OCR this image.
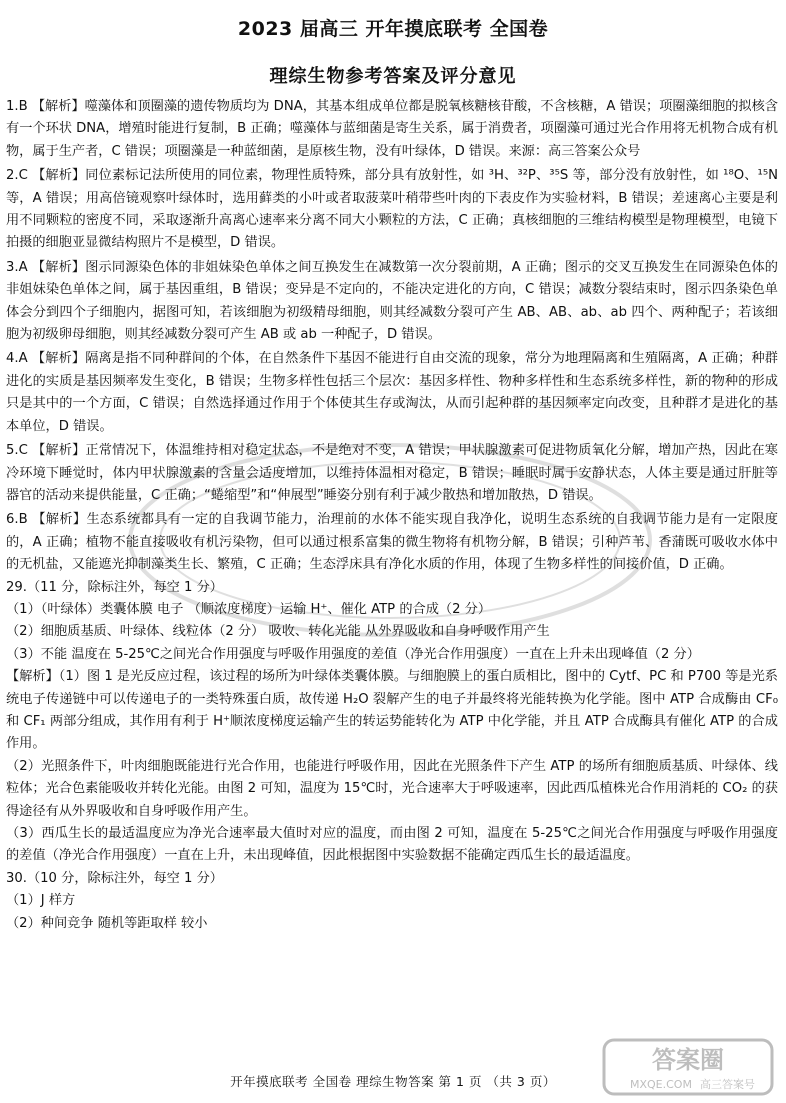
2023 届高三 开年摸底联考 全国卷
理综生物参考答案及评分意见

1.B 【解析】噬藻体和顶圈藻的遗传物质均为 DNA，其基本组成单位都是脱氧核糖核苷酸，不含核糖，A 错误；项圈藻细胞的拟核含有一个环状 DNA，增殖时能进行复制，B 正确；噬藻体与蓝细菌是寄生关系，属于消费者，项圈藻可通过光合作用将无机物合成有机物，属于生产者，C 错误；项圈藻是一种蓝细菌，是原核生物，没有叶绿体，D 错误。来源：高三答案公众号

2.C 【解析】同位素标记法所使用的同位素，物理性质特殊，部分具有放射性，如 ³H、³²P、³⁵S 等，部分没有放射性，如 ¹⁸O、¹⁵N 等，A 错误；用高倍镜观察叶绿体时，选用藓类的小叶或者取菠菜叶稍带些叶肉的下表皮作为实验材料，B 错误；差速离心主要是利用不同颗粒的密度不同，采取逐渐升高离心速率来分离不同大小颗粒的方法，C 正确；真核细胞的三维结构模型是物理模型，电镜下拍摄的细胞亚显微结构照片不是模型，D 错误。

3.A 【解析】图示同源染色体的非姐妹染色单体之间互换发生在减数第一次分裂前期，A 正确；图示的交叉互换发生在同源染色体的非姐妹染色单体之间，属于基因重组，B 错误；变异是不定向的，不能决定进化的方向，C 错误；减数分裂结束时，图示四条染色单体会分到四个子细胞内，据图可知，若该细胞为初级精母细胞，则其经减数分裂可产生 AB、AB、ab、ab 四个、两种配子；若该细胞为初级卵母细胞，则其经减数分裂可产生 AB 或 ab 一种配子，D 错误。

4.A 【解析】隔离是指不同种群间的个体，在自然条件下基因不能进行自由交流的现象，常分为地理隔离和生殖隔离，A 正确；种群进化的实质是基因频率发生变化，B 错误；生物多样性包括三个层次：基因多样性、物种多样性和生态系统多样性，新的物种的形成只是其中的一个方面，C 错误；自然选择通过作用于个体使其生存或淘汰，从而引起种群的基因频率定向改变，且种群才是进化的基本单位，D 错误。

5.C 【解析】正常情况下，体温维持相对稳定状态，不是绝对不变，A 错误；甲状腺激素可促进物质氧化分解，增加产热，因此在寒冷环境下睡觉时，体内甲状腺激素的含量会适度增加，以维持体温相对稳定，B 错误；睡眠时属于安静状态，人体主要是通过肝脏等器官的活动来提供能量，C 正确；“蜷缩型”和“伸展型”睡姿分别有利于减少散热和增加散热，D 错误。

6.B 【解析】生态系统都具有一定的自我调节能力，治理前的水体不能实现自我净化，说明生态系统的自我调节能力是有一定限度的，A 正确；植物不能直接吸收有机污染物，但可以通过根系富集的微生物将有机物分解，B 错误；引种芦苇、香蒲既可吸收水体中的无机盐，又能遮光抑制藻类生长、繁殖，C 正确；生态浮床具有净化水质的作用，体现了生物多样性的间接价值，D 正确。

29.（11 分，除标注外，每空 1 分）

（1）（叶绿体）类囊体膜 电子 （顺浓度梯度）运输 H⁺、催化 ATP 的合成（2 分）

（2）细胞质基质、叶绿体、线粒体（2 分） 吸收、转化光能 从外界吸收和自身呼吸作用产生

（3）不能 温度在 5-25℃之间光合作用强度与呼吸作用强度的差值（净光合作用强度）一直在上升未出现峰值（2 分）

【解析】（1）图 1 是光反应过程，该过程的场所为叶绿体类囊体膜。与细胞膜上的蛋白质相比，图中的 Cytf、PC 和 P700 等是光系统电子传递链中可以传递电子的一类特殊蛋白质，故传递 H₂O 裂解产生的电子并最终将光能转换为化学能。图中 ATP 合成酶由 CF₀ 和 CF₁ 两部分组成，其作用有利于 H⁺顺浓度梯度运输产生的转运势能转化为 ATP 中化学能，并且 ATP 合成酶具有催化 ATP 的合成作用。

（2）光照条件下，叶肉细胞既能进行光合作用，也能进行呼吸作用，因此在光照条件下产生 ATP 的场所有细胞质基质、叶绿体、线粒体；光合色素能吸收并转化光能。由图 2 可知，温度为 15℃时，光合速率大于呼吸速率，因此西瓜植株光合作用消耗的 CO₂ 的获得途径有从外界吸收和自身呼吸作用产生。

（3）西瓜生长的最适温度应为净光合速率最大值时对应的温度，而由图 2 可知，温度在 5-25℃之间光合作用强度与呼吸作用强度的差值（净光合作用强度）一直在上升，未出现峰值，因此根据图中实验数据不能确定西瓜生长的最适温度。

30.（10 分，除标注外，每空 1 分）

（1）J 样方

（2）种间竞争 随机等距取样 较小

开年摸底联考 全国卷 理综生物答案 第 1 页 （共 3 页）
答案圈
MXQE.COM 高三答案号
